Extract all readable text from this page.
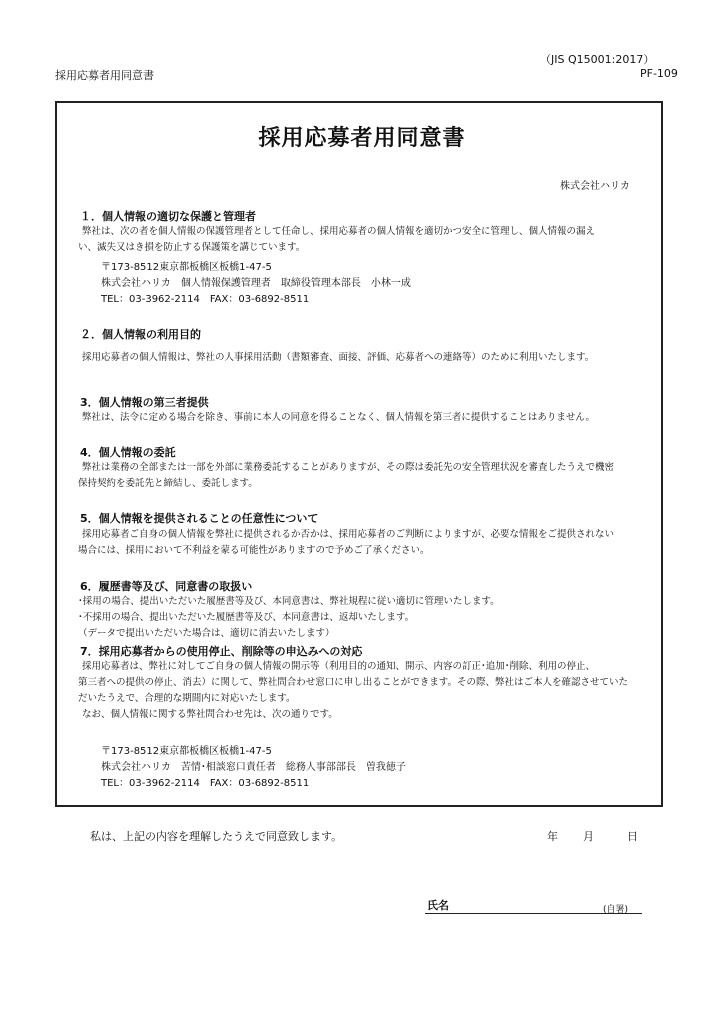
（JIS Q15001:2017）
採用応募者用同意書	PF-109
採用応募者用同意書
株式会社ハリカ
１．個人情報の適切な保護と管理者
弊社は、次の者を個人情報の保護管理者として任命し、採用応募者の個人情報を適切かつ安全に管理し、個人情報の漏え
い、滅失又はき損を防止する保護策を講じています。
〒173-8512東京都板橋区板橋1-47-5
株式会社ハリカ　個人情報保護管理者　取締役管理本部長　小林一成
TEL：03-3962-2114　FAX：03-6892-8511
２．個人情報の利用目的
採用応募者の個人情報は、弊社の人事採用活動（書類審査、面接、評価、応募者への連絡等）のために利用いたします。
3．個人情報の第三者提供
弊社は、法令に定める場合を除き、事前に本人の同意を得ることなく、個人情報を第三者に提供することはありません。
4．個人情報の委託
弊社は業務の全部または一部を外部に業務委託することがありますが、その際は委託先の安全管理状況を審査したうえで機密
保持契約を委託先と締結し、委託します。
5．個人情報を提供されることの任意性について
採用応募者ご自身の個人情報を弊社に提供されるか否かは、採用応募者のご判断によりますが、必要な情報をご提供されない
場合には、採用において不利益を蒙る可能性がありますので予めご了承ください。
6．履歴書等及び、同意書の取扱い
･採用の場合、提出いただいた履歴書等及び、本同意書は、弊社規程に従い適切に管理いたします。
･不採用の場合、提出いただいた履歴書等及び、本同意書は、返却いたします。
（データで提出いただいた場合は、適切に消去いたします）
7．採用応募者からの使用停止、削除等の申込みへの対応
採用応募者は、弊社に対してご自身の個人情報の開示等（利用目的の通知、開示、内容の訂正･追加･削除、利用の停止、
第三者への提供の停止、消去）に関して、弊社問合わせ窓口に申し出ることができます。その際、弊社はご本人を確認させていた
だいたうえで、合理的な期間内に対応いたします。
なお、個人情報に関する弊社問合わせ先は、次の通りです。
〒173-8512東京都板橋区板橋1-47-5
株式会社ハリカ　苦情･相談窓口責任者　総務人事部部長　曽我徳子
TEL：03-3962-2114　FAX：03-6892-8511
私は、上記の内容を理解したうえで同意致します。	年 月	日
氏名	(自署)
